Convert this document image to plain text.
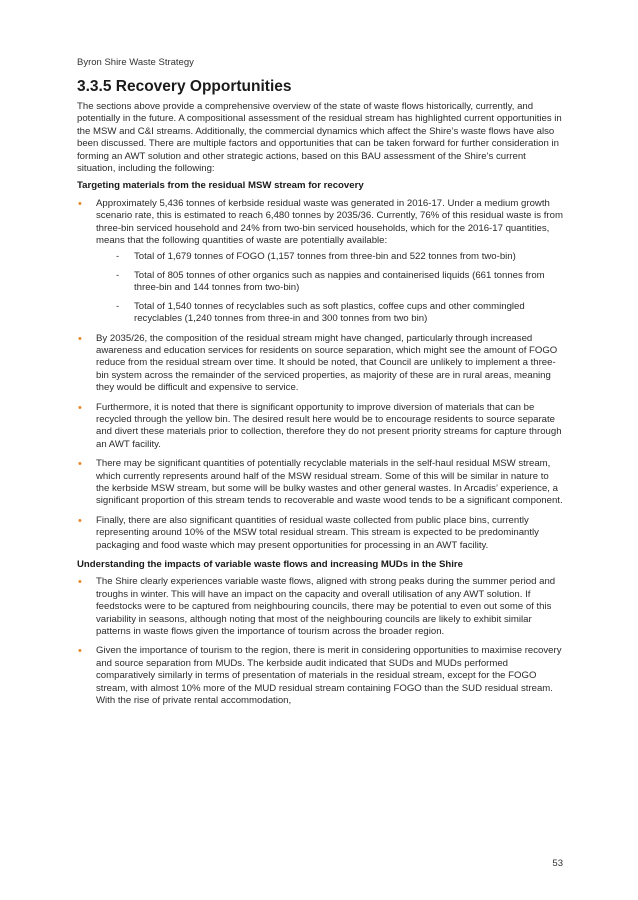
Byron Shire Waste Strategy
3.3.5 Recovery Opportunities

The sections above provide a comprehensive overview of the state of waste flows historically, currently, and potentially in the future. A compositional assessment of the residual stream has highlighted current opportunities in the MSW and C&I streams. Additionally, the commercial dynamics which affect the Shire’s waste flows have also been discussed. There are multiple factors and opportunities that can be taken forward for further consideration in forming an AWT solution and other strategic actions, based on this BAU assessment of the Shire’s current situation, including the following:

Targeting materials from the residual MSW stream for recovery
• Approximately 5,436 tonnes of kerbside residual waste was generated in 2016-17. Under a medium growth scenario rate, this is estimated to reach 6,480 tonnes by 2035/36. Currently, 76% of this residual waste is from three-bin serviced household and 24% from two-bin serviced households, which for the 2016-17 quantities, means that the following quantities of waste are potentially available:
- Total of 1,679 tonnes of FOGO (1,157 tonnes from three-bin and 522 tonnes from two-bin)
- Total of 805 tonnes of other organics such as nappies and containerised liquids (661 tonnes from three-bin and 144 tonnes from two-bin)
- Total of 1,540 tonnes of recyclables such as soft plastics, coffee cups and other commingled recyclables (1,240 tonnes from three-in and 300 tonnes from two bin)
• By 2035/26, the composition of the residual stream might have changed, particularly through increased awareness and education services for residents on source separation, which might see the amount of FOGO reduce from the residual stream over time. It should be noted, that Council are unlikely to implement a three-bin system across the remainder of the serviced properties, as majority of these are in rural areas, meaning they would be difficult and expensive to service.
• Furthermore, it is noted that there is significant opportunity to improve diversion of materials that can be recycled through the yellow bin. The desired result here would be to encourage residents to source separate and divert these materials prior to collection, therefore they do not present priority streams for capture through an AWT facility.
• There may be significant quantities of potentially recyclable materials in the self-haul residual MSW stream, which currently represents around half of the MSW residual stream. Some of this will be similar in nature to the kerbside MSW stream, but some will be bulky wastes and other general wastes. In Arcadis’ experience, a significant proportion of this stream tends to recoverable and waste wood tends to be a significant component.
• Finally, there are also significant quantities of residual waste collected from public place bins, currently representing around 10% of the MSW total residual stream. This stream is expected to be predominantly packaging and food waste which may present opportunities for processing in an AWT facility.
Understanding the impacts of variable waste flows and increasing MUDs in the Shire
• The Shire clearly experiences variable waste flows, aligned with strong peaks during the summer period and troughs in winter. This will have an impact on the capacity and overall utilisation of any AWT solution. If feedstocks were to be captured from neighbouring councils, there may be potential to even out some of this variability in seasons, although noting that most of the neighbouring councils are likely to exhibit similar patterns in waste flows given the importance of tourism across the broader region.
• Given the importance of tourism to the region, there is merit in considering opportunities to maximise recovery and source separation from MUDs. The kerbside audit indicated that SUDs and MUDs performed comparatively similarly in terms of presentation of materials in the residual stream, except for the FOGO stream, with almost 10% more of the MUD residual stream containing FOGO than the SUD residual stream. With the rise of private rental accommodation,
53
